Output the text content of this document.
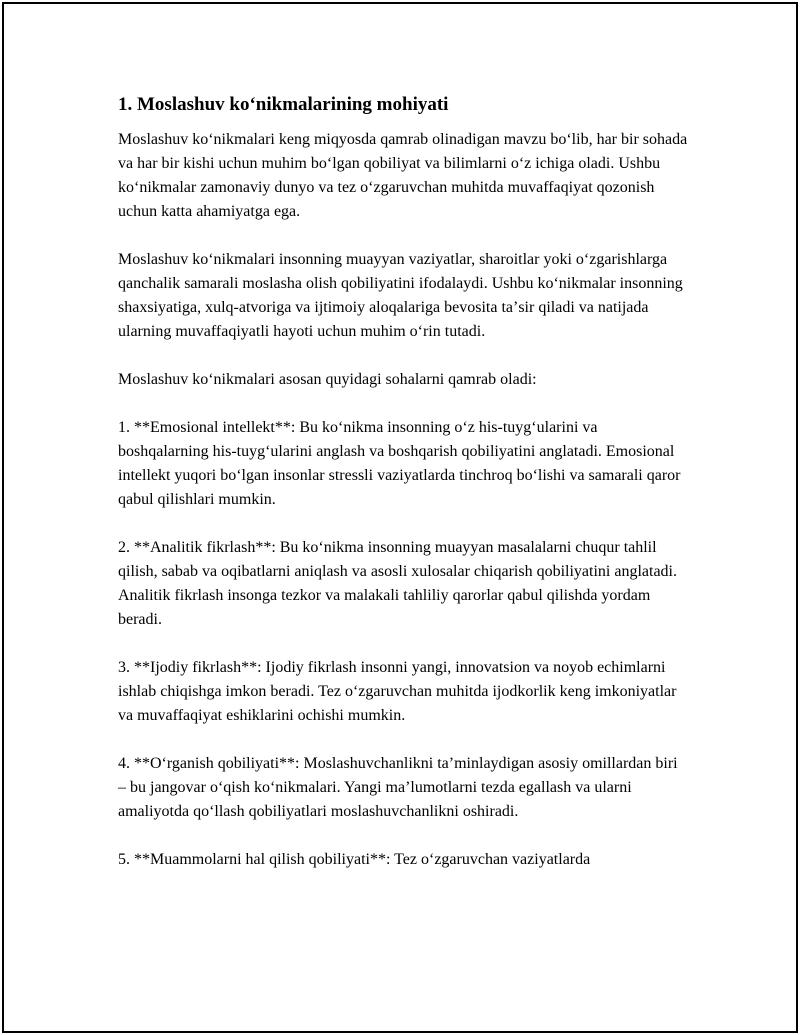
1. Moslashuv koʻnikmalarining mohiyati

Moslashuv koʻnikmalari keng miqyosda qamrab olinadigan mavzu boʻlib, har bir sohada va har bir kishi uchun muhim boʻlgan qobiliyat va bilimlarni oʻz ichiga oladi. Ushbu koʻnikmalar zamonaviy dunyo va tez oʻzgaruvchan muhitda muvaffaqiyat qozonish uchun katta ahamiyatga ega.

Moslashuv koʻnikmalari insonning muayyan vaziyatlar, sharoitlar yoki oʻzgarishlarga qanchalik samarali moslasha olish qobiliyatini ifodalaydi. Ushbu koʻnikmalar insonning shaxsiyatiga, xulq-atvoriga va ijtimoiy aloqalariga bevosita taʼsir qiladi va natijada ularning muvaffaqiyatli hayoti uchun muhim oʻrin tutadi.

Moslashuv koʻnikmalari asosan quyidagi sohalarni qamrab oladi:

1. **Emosional intellekt**: Bu koʻnikma insonning oʻz his-tuygʻularini va boshqalarning his-tuygʻularini anglash va boshqarish qobiliyatini anglatadi. Emosional intellekt yuqori boʻlgan insonlar stressli vaziyatlarda tinchroq boʻlishi va samarali qaror qabul qilishlari mumkin.

2. **Analitik fikrlash**: Bu koʻnikma insonning muayyan masalalarni chuqur tahlil qilish, sabab va oqibatlarni aniqlash va asosli xulosalar chiqarish qobiliyatini anglatadi. Analitik fikrlash insonga tezkor va malakali tahliliy qarorlar qabul qilishda yordam beradi.

3. **Ijodiy fikrlash**: Ijodiy fikrlash insonni yangi, innovatsion va noyob echimlarni ishlab chiqishga imkon beradi. Tez oʻzgaruvchan muhitda ijodkorlik keng imkoniyatlar va muvaffaqiyat eshiklarini ochishi mumkin.

4. **Oʻrganish qobiliyati**: Moslashuvchanlikni taʼminlaydigan asosiy omillardan biri – bu jangovar oʻqish koʻnikmalari. Yangi maʼlumotlarni tezda egallash va ularni amaliyotda qoʻllash qobiliyatlari moslashuvchanlikni oshiradi.

5. **Muammolarni hal qilish qobiliyati**: Tez oʻzgaruvchan vaziyatlarda
